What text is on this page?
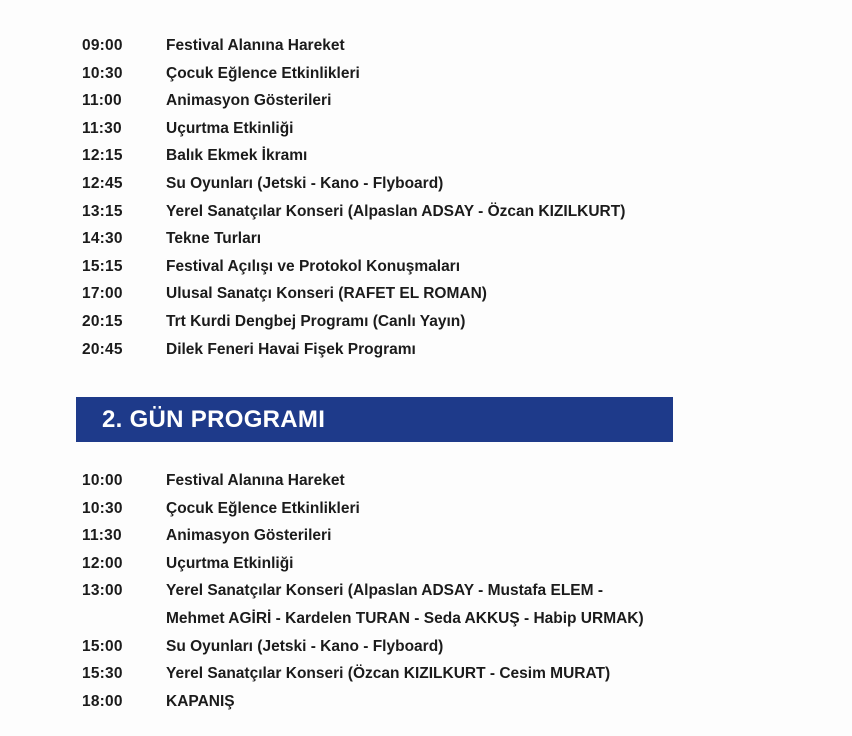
09:00	Festival Alanına Hareket
10:30	Çocuk Eğlence Etkinlikleri
11:00	Animasyon Gösterileri
11:30	Uçurtma Etkinliği
12:15	Balık Ekmek İkramı
12:45	Su Oyunları (Jetski - Kano - Flyboard)
13:15	Yerel Sanatçılar Konseri (Alpaslan ADSAY - Özcan KIZILKURT)
14:30	Tekne Turları
15:15	Festival Açılışı ve Protokol Konuşmaları
17:00	Ulusal Sanatçı Konseri (RAFET EL ROMAN)
20:15	Trt Kurdi Dengbej Programı (Canlı Yayın)
20:45	Dilek Feneri Havai Fişek Programı
2. GÜN PROGRAMI
10:00	Festival Alanına Hareket
10:30	Çocuk Eğlence Etkinlikleri
11:30	Animasyon Gösterileri
12:00	Uçurtma Etkinliği
13:00	Yerel Sanatçılar Konseri (Alpaslan ADSAY - Mustafa ELEM -
Mehmet AGİRİ - Kardelen TURAN - Seda AKKUŞ - Habip URMAK)
15:00	Su Oyunları (Jetski - Kano - Flyboard)
15:30	Yerel Sanatçılar Konseri (Özcan KIZILKURT - Cesim MURAT)
18:00	KAPANIŞ
